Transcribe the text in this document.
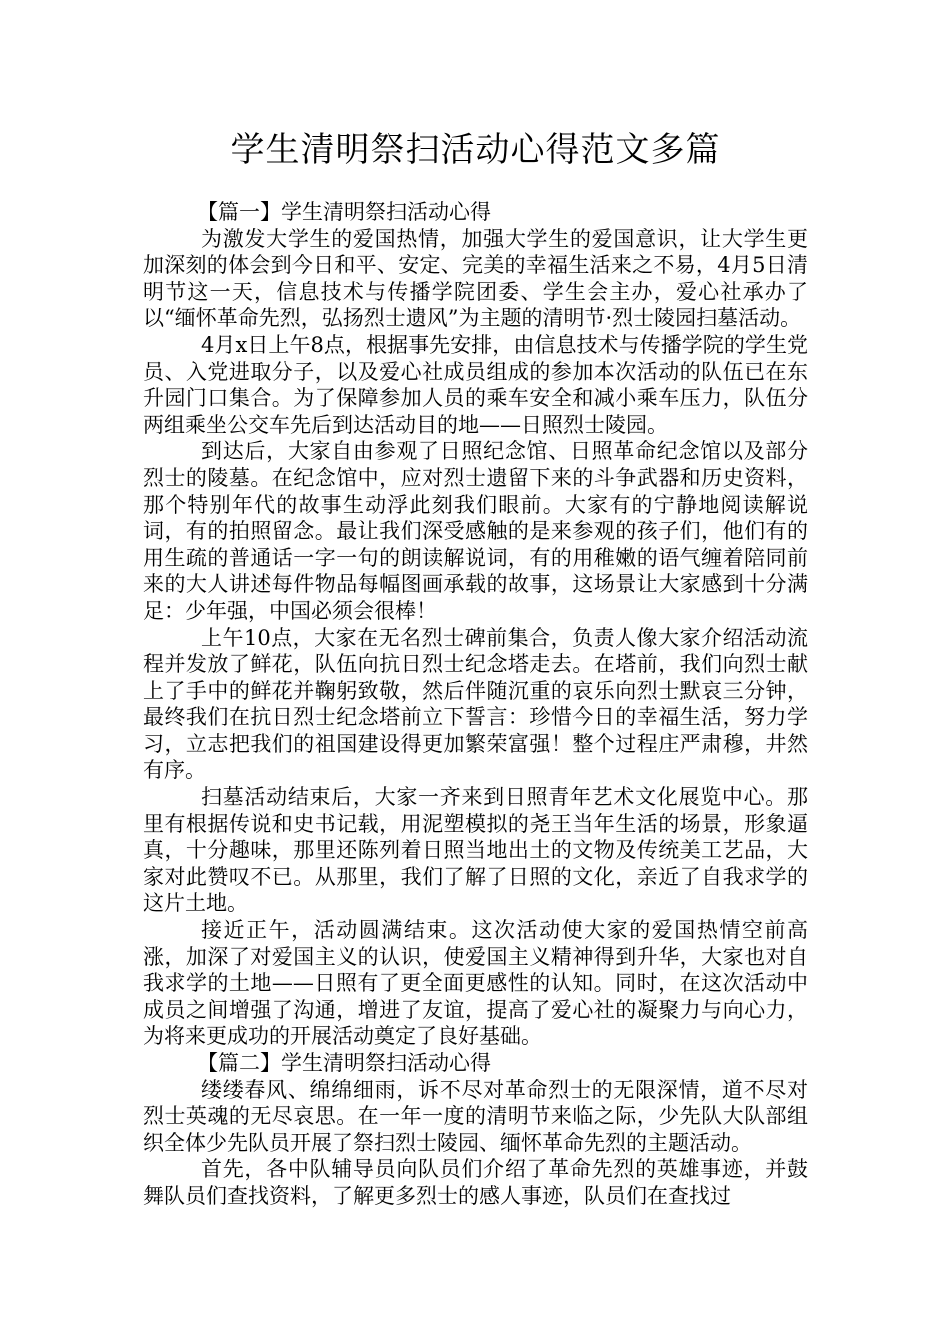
学生清明祭扫活动心得范文多篇
【篇一】学生清明祭扫活动心得

为激发大学生的爱国热情，加强大学生的爱国意识，让大学生更加深刻的体会到今日和平、安定、完美的幸福生活来之不易，4月5日清明节这一天，信息技术与传播学院团委、学生会主办，爱心社承办了以“缅怀革命先烈，弘扬烈士遗风”为主题的清明节·烈士陵园扫墓活动。

4月x日上午8点，根据事先安排，由信息技术与传播学院的学生党员、入党进取分子，以及爱心社成员组成的参加本次活动的队伍已在东升园门口集合。为了保障参加人员的乘车安全和减小乘车压力，队伍分两组乘坐公交车先后到达活动目的地——日照烈士陵园。

到达后，大家自由参观了日照纪念馆、日照革命纪念馆以及部分烈士的陵墓。在纪念馆中，应对烈士遗留下来的斗争武器和历史资料，那个特别年代的故事生动浮此刻我们眼前。大家有的宁静地阅读解说词，有的拍照留念。最让我们深受感触的是来参观的孩子们，他们有的用生疏的普通话一字一句的朗读解说词，有的用稚嫩的语气缠着陪同前来的大人讲述每件物品每幅图画承载的故事，这场景让大家感到十分满足：少年强，中国必须会很棒！

上午10点，大家在无名烈士碑前集合，负责人像大家介绍活动流程并发放了鲜花，队伍向抗日烈士纪念塔走去。在塔前，我们向烈士献上了手中的鲜花并鞠躬致敬，然后伴随沉重的哀乐向烈士默哀三分钟，最终我们在抗日烈士纪念塔前立下誓言：珍惜今日的幸福生活，努力学习，立志把我们的祖国建设得更加繁荣富强！整个过程庄严肃穆，井然有序。

扫墓活动结束后，大家一齐来到日照青年艺术文化展览中心。那里有根据传说和史书记载，用泥塑模拟的尧王当年生活的场景，形象逼真，十分趣味，那里还陈列着日照当地出土的文物及传统美工艺品，大家对此赞叹不已。从那里，我们了解了日照的文化，亲近了自我求学的这片土地。

接近正午，活动圆满结束。这次活动使大家的爱国热情空前高涨，加深了对爱国主义的认识，使爱国主义精神得到升华，大家也对自我求学的土地——日照有了更全面更感性的认知。同时，在这次活动中成员之间增强了沟通，增进了友谊，提高了爱心社的凝聚力与向心力，为将来更成功的开展活动奠定了良好基础。

【篇二】学生清明祭扫活动心得

缕缕春风、绵绵细雨，诉不尽对革命烈士的无限深情，道不尽对烈士英魂的无尽哀思。在一年一度的清明节来临之际，少先队大队部组织全体少先队员开展了祭扫烈士陵园、缅怀革命先烈的主题活动。

首先，各中队辅导员向队员们介绍了革命先烈的英雄事迹，并鼓舞队员们查找资料，了解更多烈士的感人事迹，队员们在查找过
